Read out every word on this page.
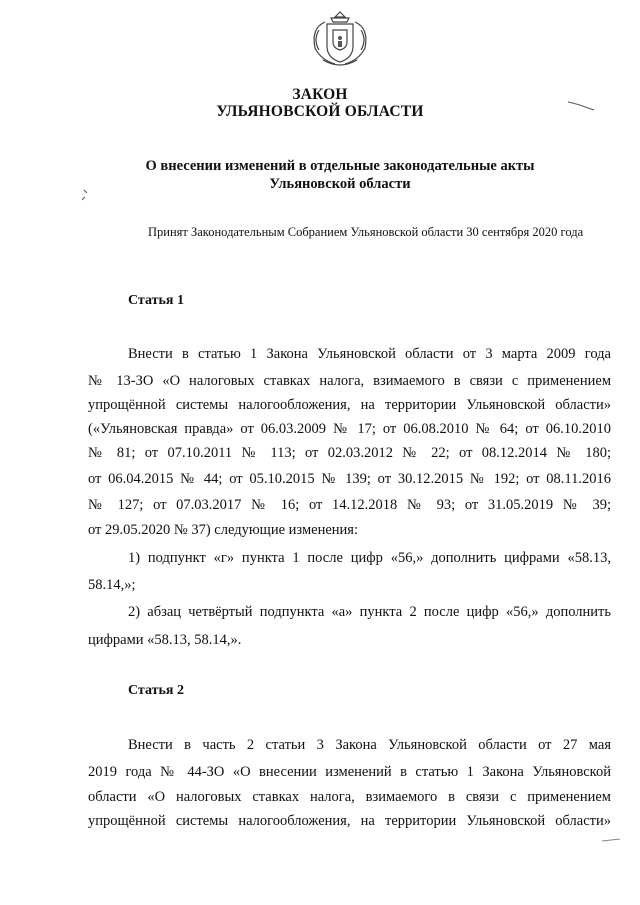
ЗАКОН
УЛЬЯНОВСКОЙ ОБЛАСТИ
О внесении изменений в отдельные законодательные акты
Ульяновской области
Принят Законодательным Собранием Ульяновской области 30 сентября 2020 года
Статья 1
Внести в статью 1 Закона Ульяновской области от 3 марта 2009 года
№ 13-ЗО «О налоговых ставках налога, взимаемого в связи с применением
упрощённой системы налогообложения, на территории Ульяновской области»
(«Ульяновская правда» от 06.03.2009 № 17; от 06.08.2010 № 64; от 06.10.2010
№ 81; от 07.10.2011 № 113; от 02.03.2012 № 22; от 08.12.2014 № 180;
от 06.04.2015 № 44; от 05.10.2015 № 139; от 30.12.2015 № 192; от 08.11.2016
№ 127; от 07.03.2017 № 16; от 14.12.2018 № 93; от 31.05.2019 № 39;
от 29.05.2020 № 37) следующие изменения:
1) подпункт «г» пункта 1 после цифр «56,» дополнить цифрами «58.13,
58.14,»;
2) абзац четвёртый подпункта «а» пункта 2 после цифр «56,» дополнить
цифрами «58.13, 58.14,».
Статья 2
Внести в часть 2 статьи 3 Закона Ульяновской области от 27 мая
2019 года № 44-ЗО «О внесении изменений в статью 1 Закона Ульяновской
области «О налоговых ставках налога, взимаемого в связи с применением
упрощённой системы налогообложения, на территории Ульяновской области»
